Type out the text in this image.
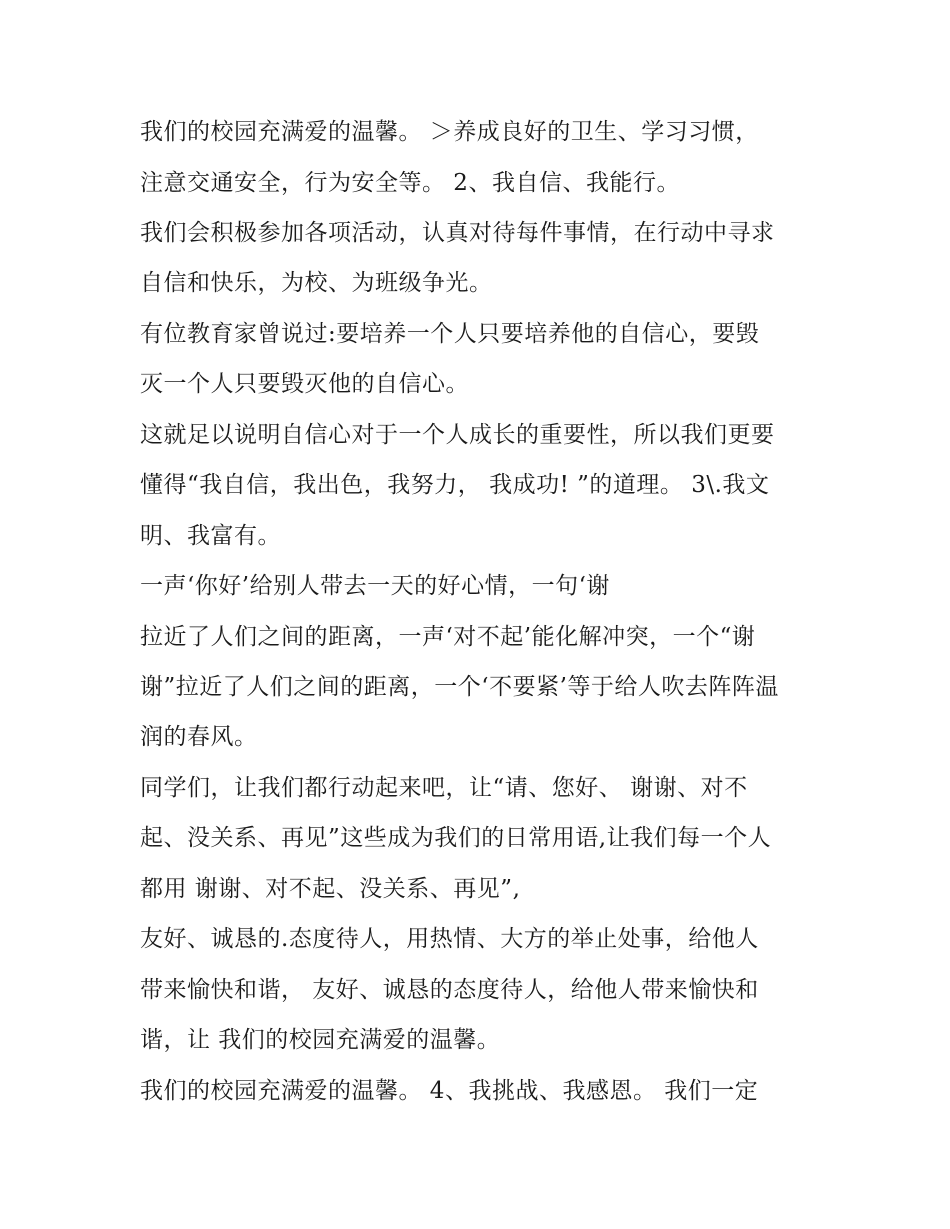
我们的校园充满爱的温馨。 ＞养成良好的卫生、学习习惯，
注意交通安全，行为安全等。 2、我自信、我能行。
我们会积极参加各项活动，认真对待每件事情，在行动中寻求
自信和快乐，为校、为班级争光。
有位教育家曾说过:要培养一个人只要培养他的自信心，要毁
灭一个人只要毁灭他的自信心。
这就足以说明自信心对于一个人成长的重要性，所以我们更要
懂得“我自信，我出色，我努力， 我成功! ”的道理。 3\.我文
明、我富有。
一声‘你好’给别人带去一天的好心情，一句‘谢
拉近了人们之间的距离，一声‘对不起’能化解冲突，一个“谢
谢”拉近了人们之间的距离，一个‘不要紧’等于给人吹去阵阵温
润的春风。
同学们，让我们都行动起来吧，让“请、您好、 谢谢、对不
起、没关系、再见”这些成为我们的日常用语,让我们每一个人
都用 谢谢、对不起、没关系、再见”,
友好、诚恳的.态度待人，用热情、大方的举止处事，给他人
带来愉快和谐， 友好、诚恳的态度待人，给他人带来愉快和
谐，让 我们的校园充满爱的温馨。
我们的校园充满爱的温馨。 4、我挑战、我感恩。 我们一定
